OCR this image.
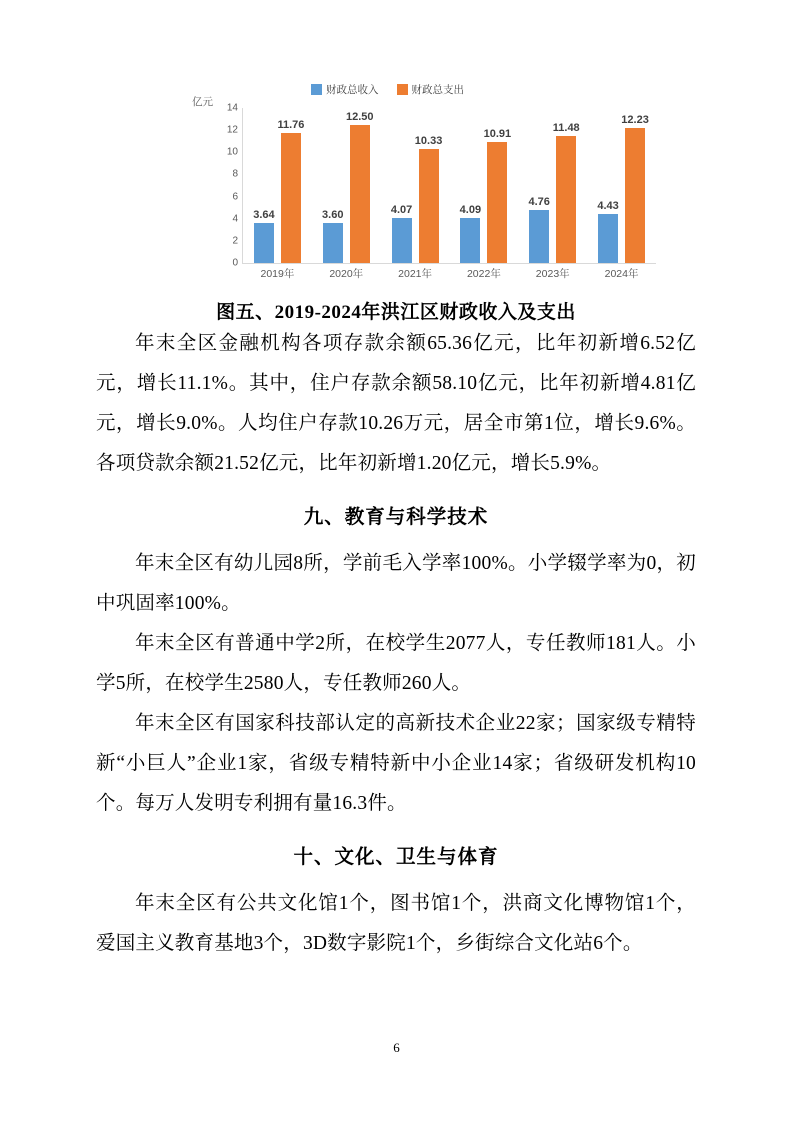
财政总收入	财政总支出
亿元 14
12
10
8
6
4
2
0
3.64
11.76
3.60
12.50
4.07
10.33
4.09
10.91
4.76
11.48
4.43
12.23
2019年	2020年	2021年	2022年	2023年	2024年
图五、2019-2024年洪江区财政收入及支出

年末全区金融机构各项存款余额65.36亿元，比年初新增6.52亿元，增长11.1%。其中，住户存款余额58.10亿元，比年初新增4.81亿元，增长9.0%。人均住户存款10.26万元，居全市第1位，增长9.6%。各项贷款余额21.52亿元，比年初新增1.20亿元，增长5.9%。

九、教育与科学技术

年末全区有幼儿园8所，学前毛入学率100%。小学辍学率为0，初中巩固率100%。

年末全区有普通中学2所，在校学生2077人，专任教师181人。小学5所，在校学生2580人，专任教师260人。

年末全区有国家科技部认定的高新技术企业22家；国家级专精特新“小巨人”企业1家，省级专精特新中小企业14家；省级研发机构10个。每万人发明专利拥有量16.3件。

十、文化、卫生与体育

年末全区有公共文化馆1个，图书馆1个，洪商文化博物馆1个，爱国主义教育基地3个，3D数字影院1个，乡街综合文化站6个。

6
